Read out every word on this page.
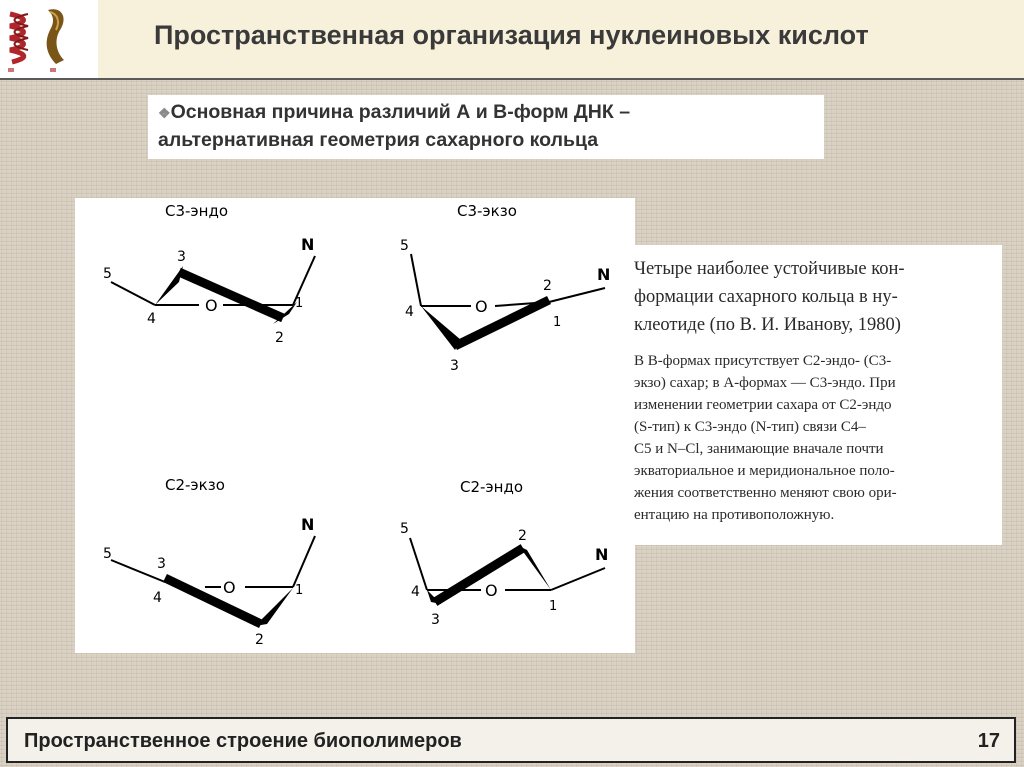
Пространственная организация нуклеиновых кислот
❖Основная причина различий А и В-форм ДНК –
альтернативная геометрия сахарного кольца
С3-эндо
5
3
4
O	1
2
N
С3-экзо
5
4	O
2
1
3
N
С2-экзо
5
3
4
O	1
2
N
С2-эндо
5
4
3
O
2
1
N
Четыре наиболее устойчивые кон-
формации сахарного кольца в ну-
клеотиде (по В. И. Иванову, 1980)
В B-формах присутствует С2-эндо- (С3-
экзо) сахар; в A-формах — С3-эндо. При
изменении геометрии сахара от С2-эндо
(S-тип) к С3-эндо (N-тип) связи С4–
С5 и N–Cl, занимающие вначале почти
экваториальное и меридиональное поло-
жения соответственно меняют свою ори-
ентацию на противоположную.
Пространственное строение биополимеров	17
